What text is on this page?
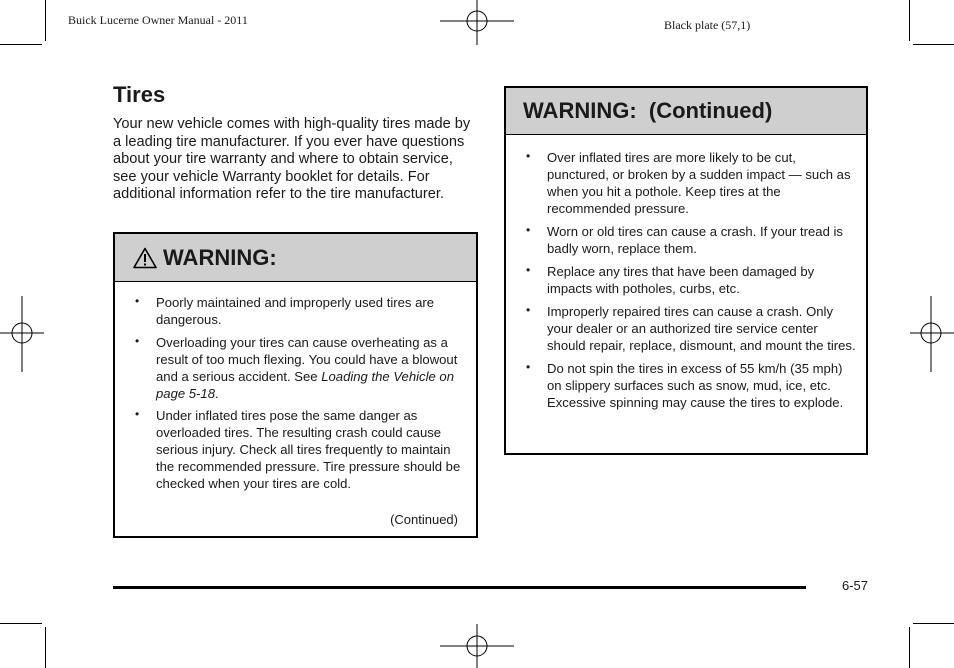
Buick Lucerne Owner Manual - 2011	Black plate (57,1)
Tires

Your new vehicle comes with high-quality tires made by a leading tire manufacturer. If you ever have questions about your tire warranty and where to obtain service, see your vehicle Warranty booklet for details. For additional information refer to the tire manufacturer.

WARNING:
• Poorly maintained and improperly used tires are dangerous.
• Overloading your tires can cause overheating as a result of too much flexing. You could have a blowout and a serious accident. See Loading the Vehicle on page 5-18.
• Under inflated tires pose the same danger as overloaded tires. The resulting crash could cause serious injury. Check all tires frequently to maintain the recommended pressure. Tire pressure should be checked when your tires are cold.
(Continued)
WARNING:  (Continued)
• Over inflated tires are more likely to be cut, punctured, or broken by a sudden impact — such as when you hit a pothole. Keep tires at the recommended pressure.
• Worn or old tires can cause a crash. If your tread is badly worn, replace them.
• Replace any tires that have been damaged by impacts with potholes, curbs, etc.
• Improperly repaired tires can cause a crash. Only your dealer or an authorized tire service center should repair, replace, dismount, and mount the tires.
• Do not spin the tires in excess of 55 km/h (35 mph) on slippery surfaces such as snow, mud, ice, etc. Excessive spinning may cause the tires to explode.
6-57
